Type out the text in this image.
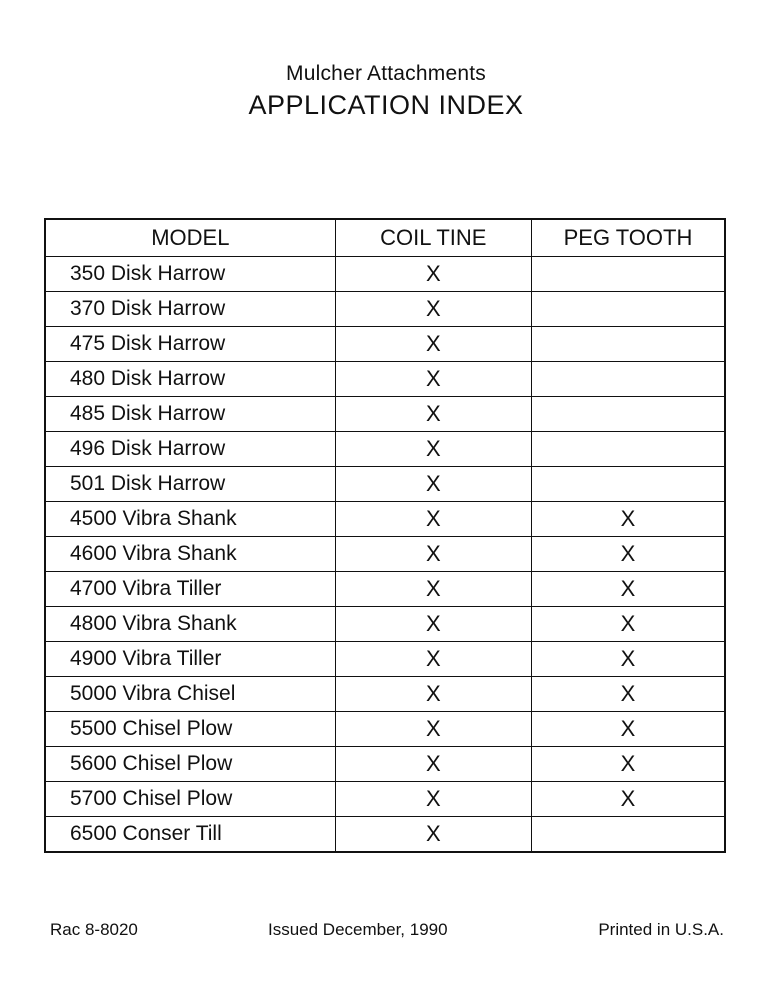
Mulcher Attachments
APPLICATION INDEX
MODEL	COIL TINE	PEG TOOTH
350 Disk Harrow	X	
370 Disk Harrow	X	
475 Disk Harrow	X	
480 Disk Harrow	X	
485 Disk Harrow	X	
496 Disk Harrow	X	
501 Disk Harrow	X	
4500 Vibra Shank	X	X
4600 Vibra Shank	X	X
4700 Vibra Tiller	X	X
4800 Vibra Shank	X	X
4900 Vibra Tiller	X	X
5000 Vibra Chisel	X	X
5500 Chisel Plow	X	X
5600 Chisel Plow	X	X
5700 Chisel Plow	X	X
6500 Conser Till	X	
Rac 8-8020	Issued December, 1990	Printed in U.S.A.
